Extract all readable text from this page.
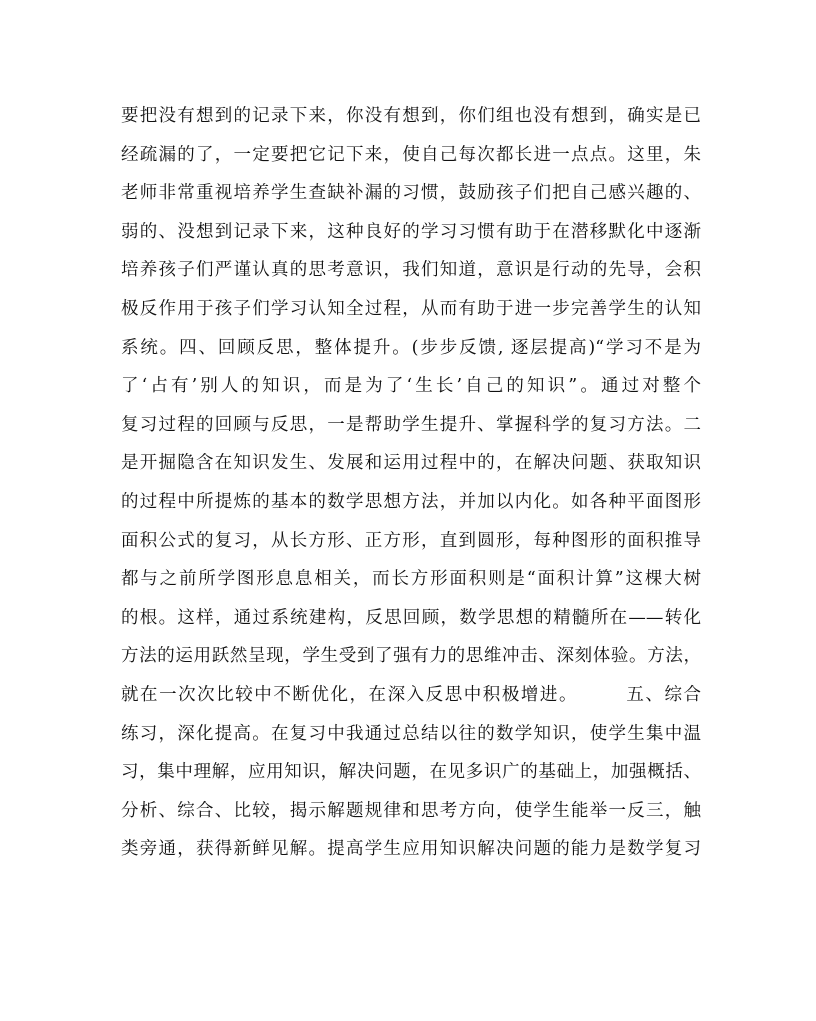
要把没有想到的记录下来，你没有想到，你们组也没有想到，确实是已
经疏漏的了，一定要把它记下来，使自己每次都长进一点点。这里，朱
老师非常重视培养学生查缺补漏的习惯，鼓励孩子们把自己感兴趣的、
弱的、没想到记录下来，这种良好的学习习惯有助于在潜移默化中逐渐
培养孩子们严谨认真的思考意识，我们知道，意识是行动的先导，会积
极反作用于孩子们学习认知全过程，从而有助于进一步完善学生的认知
系统。四、回顾反思，整体提升。(步步反馈, 逐层提高)“学习不是为
了‘占有’别人的知识，而是为了‘生长’自己的知识”。通过对整个
复习过程的回顾与反思，一是帮助学生提升、掌握科学的复习方法。二
是开掘隐含在知识发生、发展和运用过程中的，在解决问题、获取知识
的过程中所提炼的基本的数学思想方法，并加以内化。如各种平面图形
面积公式的复习，从长方形、正方形，直到圆形，每种图形的面积推导
都与之前所学图形息息相关，而长方形面积则是“面积计算”这棵大树
的根。这样，通过系统建构，反思回顾，数学思想的精髓所在——转化
方法的运用跃然呈现，学生受到了强有力的思维冲击、深刻体验。方法，
就在一次次比较中不断优化，在深入反思中积极增进。　　　五、综合
练习，深化提高。在复习中我通过总结以往的数学知识，使学生集中温
习，集中理解，应用知识，解决问题，在见多识广的基础上，加强概括、
分析、综合、比较，揭示解题规律和思考方向，使学生能举一反三，触
类旁通，获得新鲜见解。提高学生应用知识解决问题的能力是数学复习
